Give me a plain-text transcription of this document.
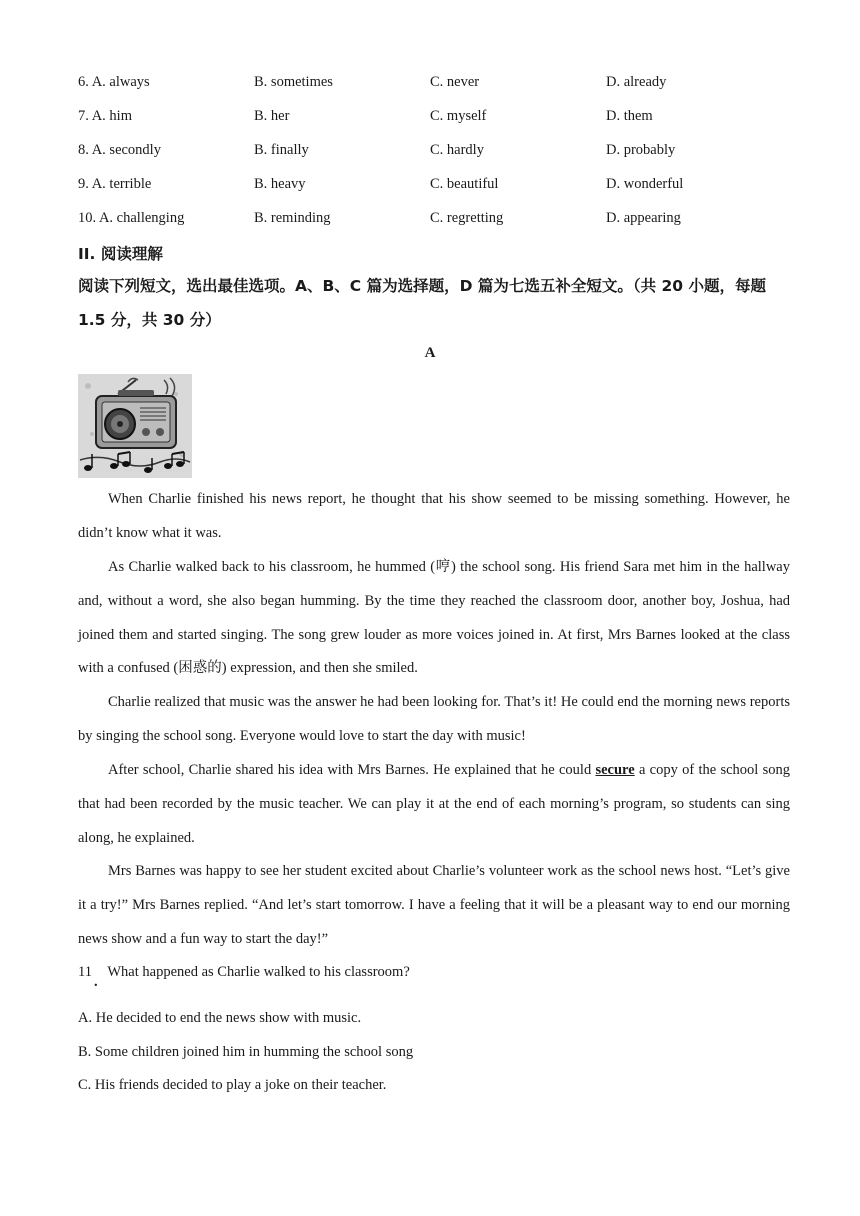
6. A. always	B. sometimes	C. never	D. already
7. A. him	B. her	C. myself	D. them
8. A. secondly	B. finally	C. hardly	D. probably
9. A. terrible	B. heavy	C. beautiful	D. wonderful
10. A. challenging	B. reminding	C. regretting	D. appearing
II. 阅读理解
阅读下列短文，选出最佳选项。A、B、C 篇为选择题，D 篇为七选五补全短文。（共 20 小题，每题 1.5 分，共 30 分）
A
When Charlie finished his news report, he thought that his show seemed to be missing something. However, he didn’t know what it was.
As Charlie walked back to his classroom, he hummed (哼) the school song. His friend Sara met him in the hallway and, without a word, she also began humming. By the time they reached the classroom door, another boy, Joshua, had joined them and started singing. The song grew louder as more voices joined in. At first, Mrs Barnes looked at the class with a confused (困惑的) expression, and then she smiled.
Charlie realized that music was the answer he had been looking for. That’s it! He could end the morning news reports by singing the school song. Everyone would love to start the day with music!
After school, Charlie shared his idea with Mrs Barnes. He explained that he could secure a copy of the school song that had been recorded by the music teacher. We can play it at the end of each morning’s program, so students can sing along, he explained.
Mrs Barnes was happy to see her student excited about Charlie’s volunteer work as the school news host. “Let’s give it a try!” Mrs Barnes replied. “And let’s start tomorrow. I have a feeling that it will be a pleasant way to end our morning news show and a fun way to start the day!”
11
.
What happened as Charlie walked to his classroom?
A. He decided to end the news show with music.
B. Some children joined him in humming the school song
C. His friends decided to play a joke on their teacher.
